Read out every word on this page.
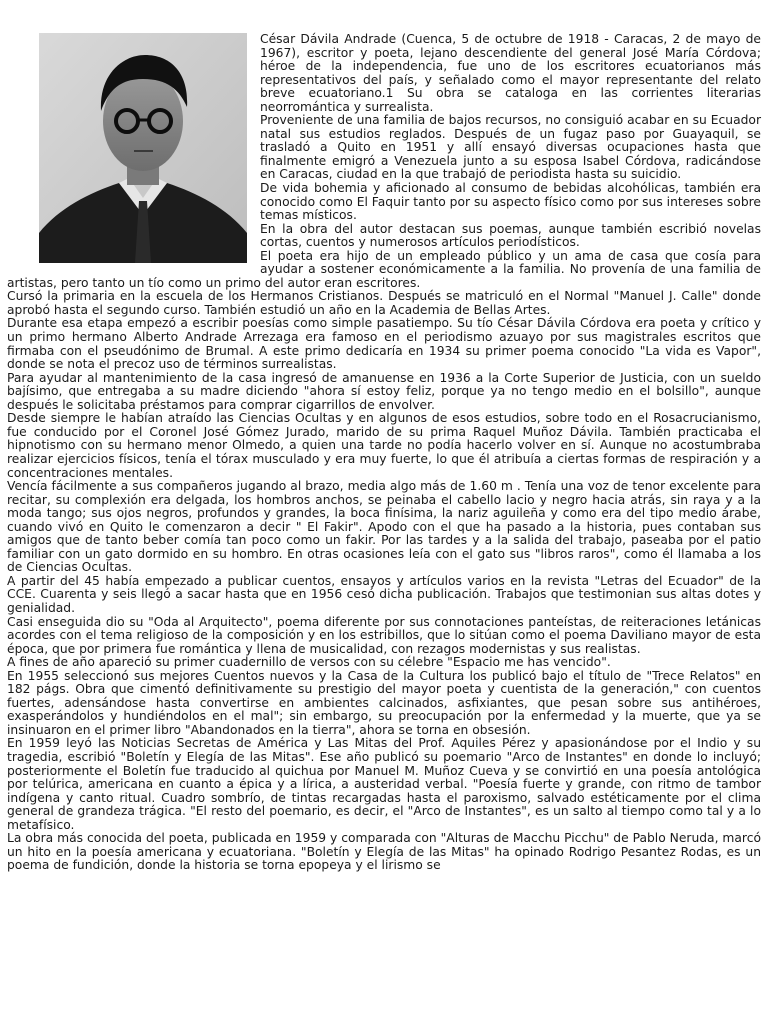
César Dávila Andrade (Cuenca, 5 de octubre de 1918 - Caracas, 2 de mayo de 1967), escritor y poeta, lejano descendiente del general José María Córdova; héroe de la independencia, fue uno de los escritores ecuatorianos más representativos del país, y señalado como el mayor representante del relato breve ecuatoriano.1 Su obra se cataloga en las corrientes literarias neorromántica y surrealista.

Proveniente de una familia de bajos recursos, no consiguió acabar en su Ecuador natal sus estudios reglados. Después de un fugaz paso por Guayaquil, se trasladó a Quito en 1951 y allí ensayó diversas ocupaciones hasta que finalmente emigró a Venezuela junto a su esposa Isabel Córdova, radicándose en Caracas, ciudad en la que trabajó de periodista hasta su suicidio.

De vida bohemia y aficionado al consumo de bebidas alcohólicas, también era conocido como El Faquir tanto por su aspecto físico como por sus intereses sobre temas místicos.

En la obra del autor destacan sus poemas, aunque también escribió novelas cortas, cuentos y numerosos artículos periodísticos.

El poeta era hijo de un empleado público y un ama de casa que cosía para ayudar a sostener económicamente a la familia. No provenía de una familia de artistas, pero tanto un tío como un primo del autor eran escritores.

Cursó la primaria en la escuela de los Hermanos Cristianos. Después se matriculó en el Normal "Manuel J. Calle" donde aprobó hasta el segundo curso. También estudió un año en la Academia de Bellas Artes.

Durante esa etapa empezó a escribir poesías como simple pasatiempo. Su tío César Dávila Córdova era poeta y crítico y un primo hermano Alberto Andrade Arrezaga era famoso en el periodismo azuayo por sus magistrales escritos que firmaba con el pseudónimo de Brumal. A este primo dedicaría en 1934 su primer poema conocido "La vida es Vapor", donde se nota el precoz uso de términos surrealistas.

Para ayudar al mantenimiento de la casa ingresó de amanuense en 1936 a la Corte Superior de Justicia, con un sueldo bajísimo, que entregaba a su madre diciendo "ahora sí estoy feliz, porque ya no tengo medio en el bolsillo", aunque después le solicitaba préstamos para comprar cigarrillos de envolver.

Desde siempre le habían atraído las Ciencias Ocultas y en algunos de esos estudios, sobre todo en el Rosacrucianismo, fue conducido por el Coronel José Gómez Jurado, marido de su prima Raquel Muñoz Dávila. También practicaba el hipnotismo con su hermano menor Olmedo, a quien una tarde no podía hacerlo volver en sí. Aunque no acostumbraba realizar ejercicios físicos, tenía el tórax musculado y era muy fuerte, lo que él atribuía a ciertas formas de respiración y a concentraciones mentales.

Vencía fácilmente a sus compañeros jugando al brazo, media algo más de 1.60 m . Tenía una voz de tenor excelente para recitar, su complexión era delgada, los hombros anchos, se peinaba el cabello lacio y negro hacia atrás, sin raya y a la moda tango; sus ojos negros, profundos y grandes, la boca finísima, la nariz aguileña y como era del tipo medio árabe, cuando vivó en Quito le comenzaron a decir " El Fakir". Apodo con el que ha pasado a la historia, pues contaban sus amigos que de tanto beber comía tan poco como un fakir. Por las tardes y a la salida del trabajo, paseaba por el patio familiar con un gato dormido en su hombro. En otras ocasiones leía con el gato sus "libros raros", como él llamaba a los de Ciencias Ocultas.

A partir del 45 había empezado a publicar cuentos, ensayos y artículos varios en la revista "Letras del Ecuador" de la CCE. Cuarenta y seis llegó a sacar hasta que en 1956 cesó dicha publicación. Trabajos que testimonian sus altas dotes y genialidad.

Casi enseguida dio su "Oda al Arquitecto", poema diferente por sus connotaciones panteístas, de reiteraciones letánicas acordes con el tema religioso de la composición y en los estribillos, que lo sitúan como el poema Daviliano mayor de esta época, que por primera fue romántica y llena de musicalidad, con rezagos modernistas y sus realistas.

A fines de año apareció su primer cuadernillo de versos con su célebre "Espacio me has vencido".

En 1955 seleccionó sus mejores Cuentos nuevos y la Casa de la Cultura los publicó bajo el título de "Trece Relatos" en 182 págs. Obra que cimentó definitivamente su prestigio del mayor poeta y cuentista de la generación," con cuentos fuertes, adensándose hasta convertirse en ambientes calcinados, asfixiantes, que pesan sobre sus antihéroes, exasperándolos y hundiéndolos en el mal"; sin embargo, su preocupación por la enfermedad y la muerte, que ya se insinuaron en el primer libro "Abandonados en la tierra", ahora se torna en obsesión.

En 1959 leyó las Noticias Secretas de América y Las Mitas del Prof. Aquiles Pérez y apasionándose por el Indio y su tragedia, escribió "Boletín y Elegía de las Mitas". Ese año publicó su poemario "Arco de Instantes" en donde lo incluyó; posteriormente el Boletín fue traducido al quichua por Manuel M. Muñoz Cueva y se convirtió en una poesía antológica por telúrica, americana en cuanto a épica y a lírica, a austeridad verbal. "Poesía fuerte y grande, con ritmo de tambor indígena y canto ritual. Cuadro sombrío, de tintas recargadas hasta el paroxismo, salvado estéticamente por el clima general de grandeza trágica. "El resto del poemario, es decir, el "Arco de Instantes", es un salto al tiempo como tal y a lo metafísico.

La obra más conocida del poeta, publicada en 1959 y comparada con "Alturas de Macchu Picchu" de Pablo Neruda, marcó un hito en la poesía americana y ecuatoriana. "Boletín y Elegía de las Mitas" ha opinado Rodrigo Pesantez Rodas, es un poema de fundición, donde la historia se torna epopeya y el lirismo se
